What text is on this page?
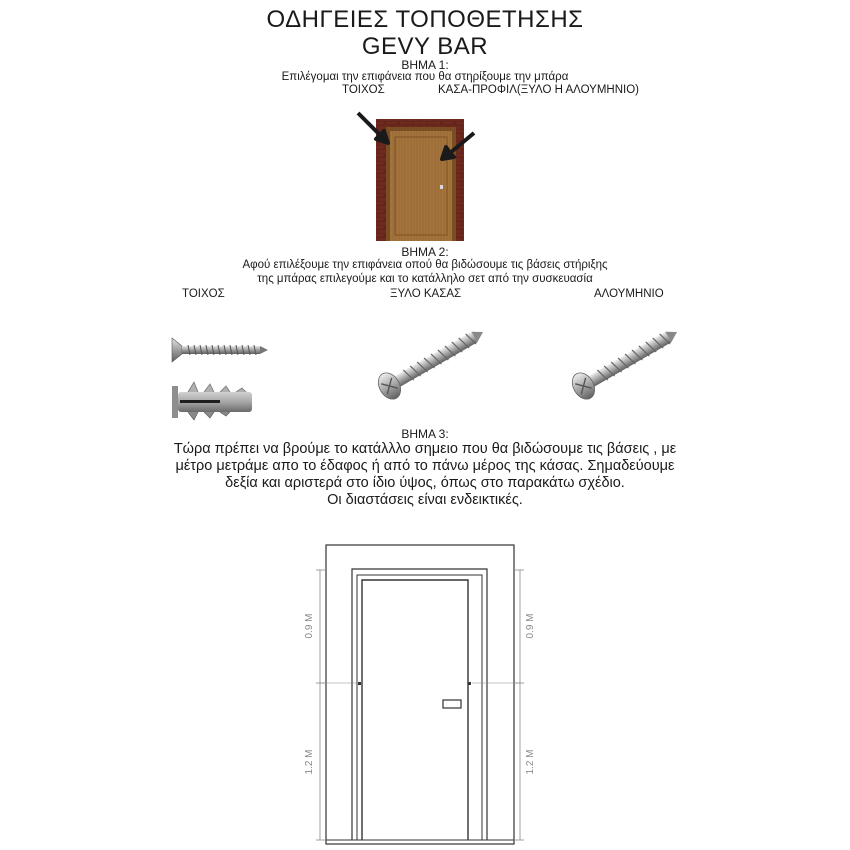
ΟΔΗΓΕΙΕΣ ΤΟΠΟΘΕΤΗΣΗΣ
GEVY BAR
ΒΗΜΑ 1:
Επιλέγομαι την επιφάνεια που θα στηρίξουμε την μπάρα
ΤΟΙΧΟΣ	ΚΑΣΑ-ΠΡΟΦΙΛ(ΞΥΛΟ Η ΑΛΟΥΜΗΝΙΟ)
ΒΗΜΑ 2:
Αφού επιλέξουμε την επιφάνεια οπού θα βιδώσουμε τις βάσεις στήριξης
της μπάρας επιλεγούμε και το κατάλληλο σετ από την συσκευασία
ΤΟΙΧΟΣ	ΞΥΛΟ ΚΑΣΑΣ	ΑΛΟΥΜΗΝΙΟ
ΒΗΜΑ 3:
Τώρα πρέπει να βρούμε το κατάλλλο σημειο που θα βιδώσουμε τις βάσεις , με
μέτρο μετράμε απο το έδαφος ή από το πάνω μέρος της κάσας. Σημαδεύουμε
δεξία και αριστερά στο ίδιο ύψος, όπως στο παρακάτω σχέδιο.
Οι διαστάσεις είναι ενδεικτικές.
0.9 M
1.2 M
0.9 M
1.2 M
